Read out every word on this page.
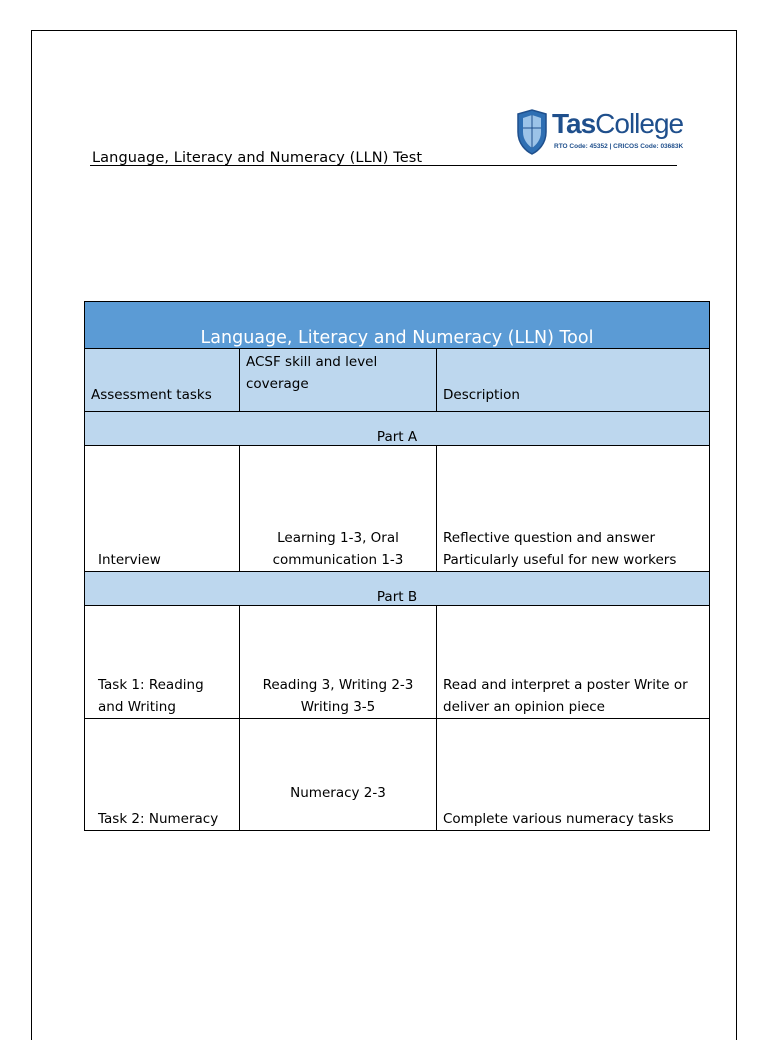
TasCollege
RTO Code: 45352 | CRICOS Code: 03683K
Language, Literacy and Numeracy (LLN) Test
Language, Literacy and Numeracy (LLN) Tool		
Assessment tasks	ACSF skill and level coverage	Description
Part A		
Interview	Learning 1-3, Oral communication 1-3	Reflective question and answer Particularly useful for new workers
Part B		
Task 1: Reading and Writing	Reading 3, Writing 2-3 Writing 3-5	Read and interpret a poster Write or deliver an opinion piece
Task 2: Numeracy	Numeracy 2-3	Complete various numeracy tasks
